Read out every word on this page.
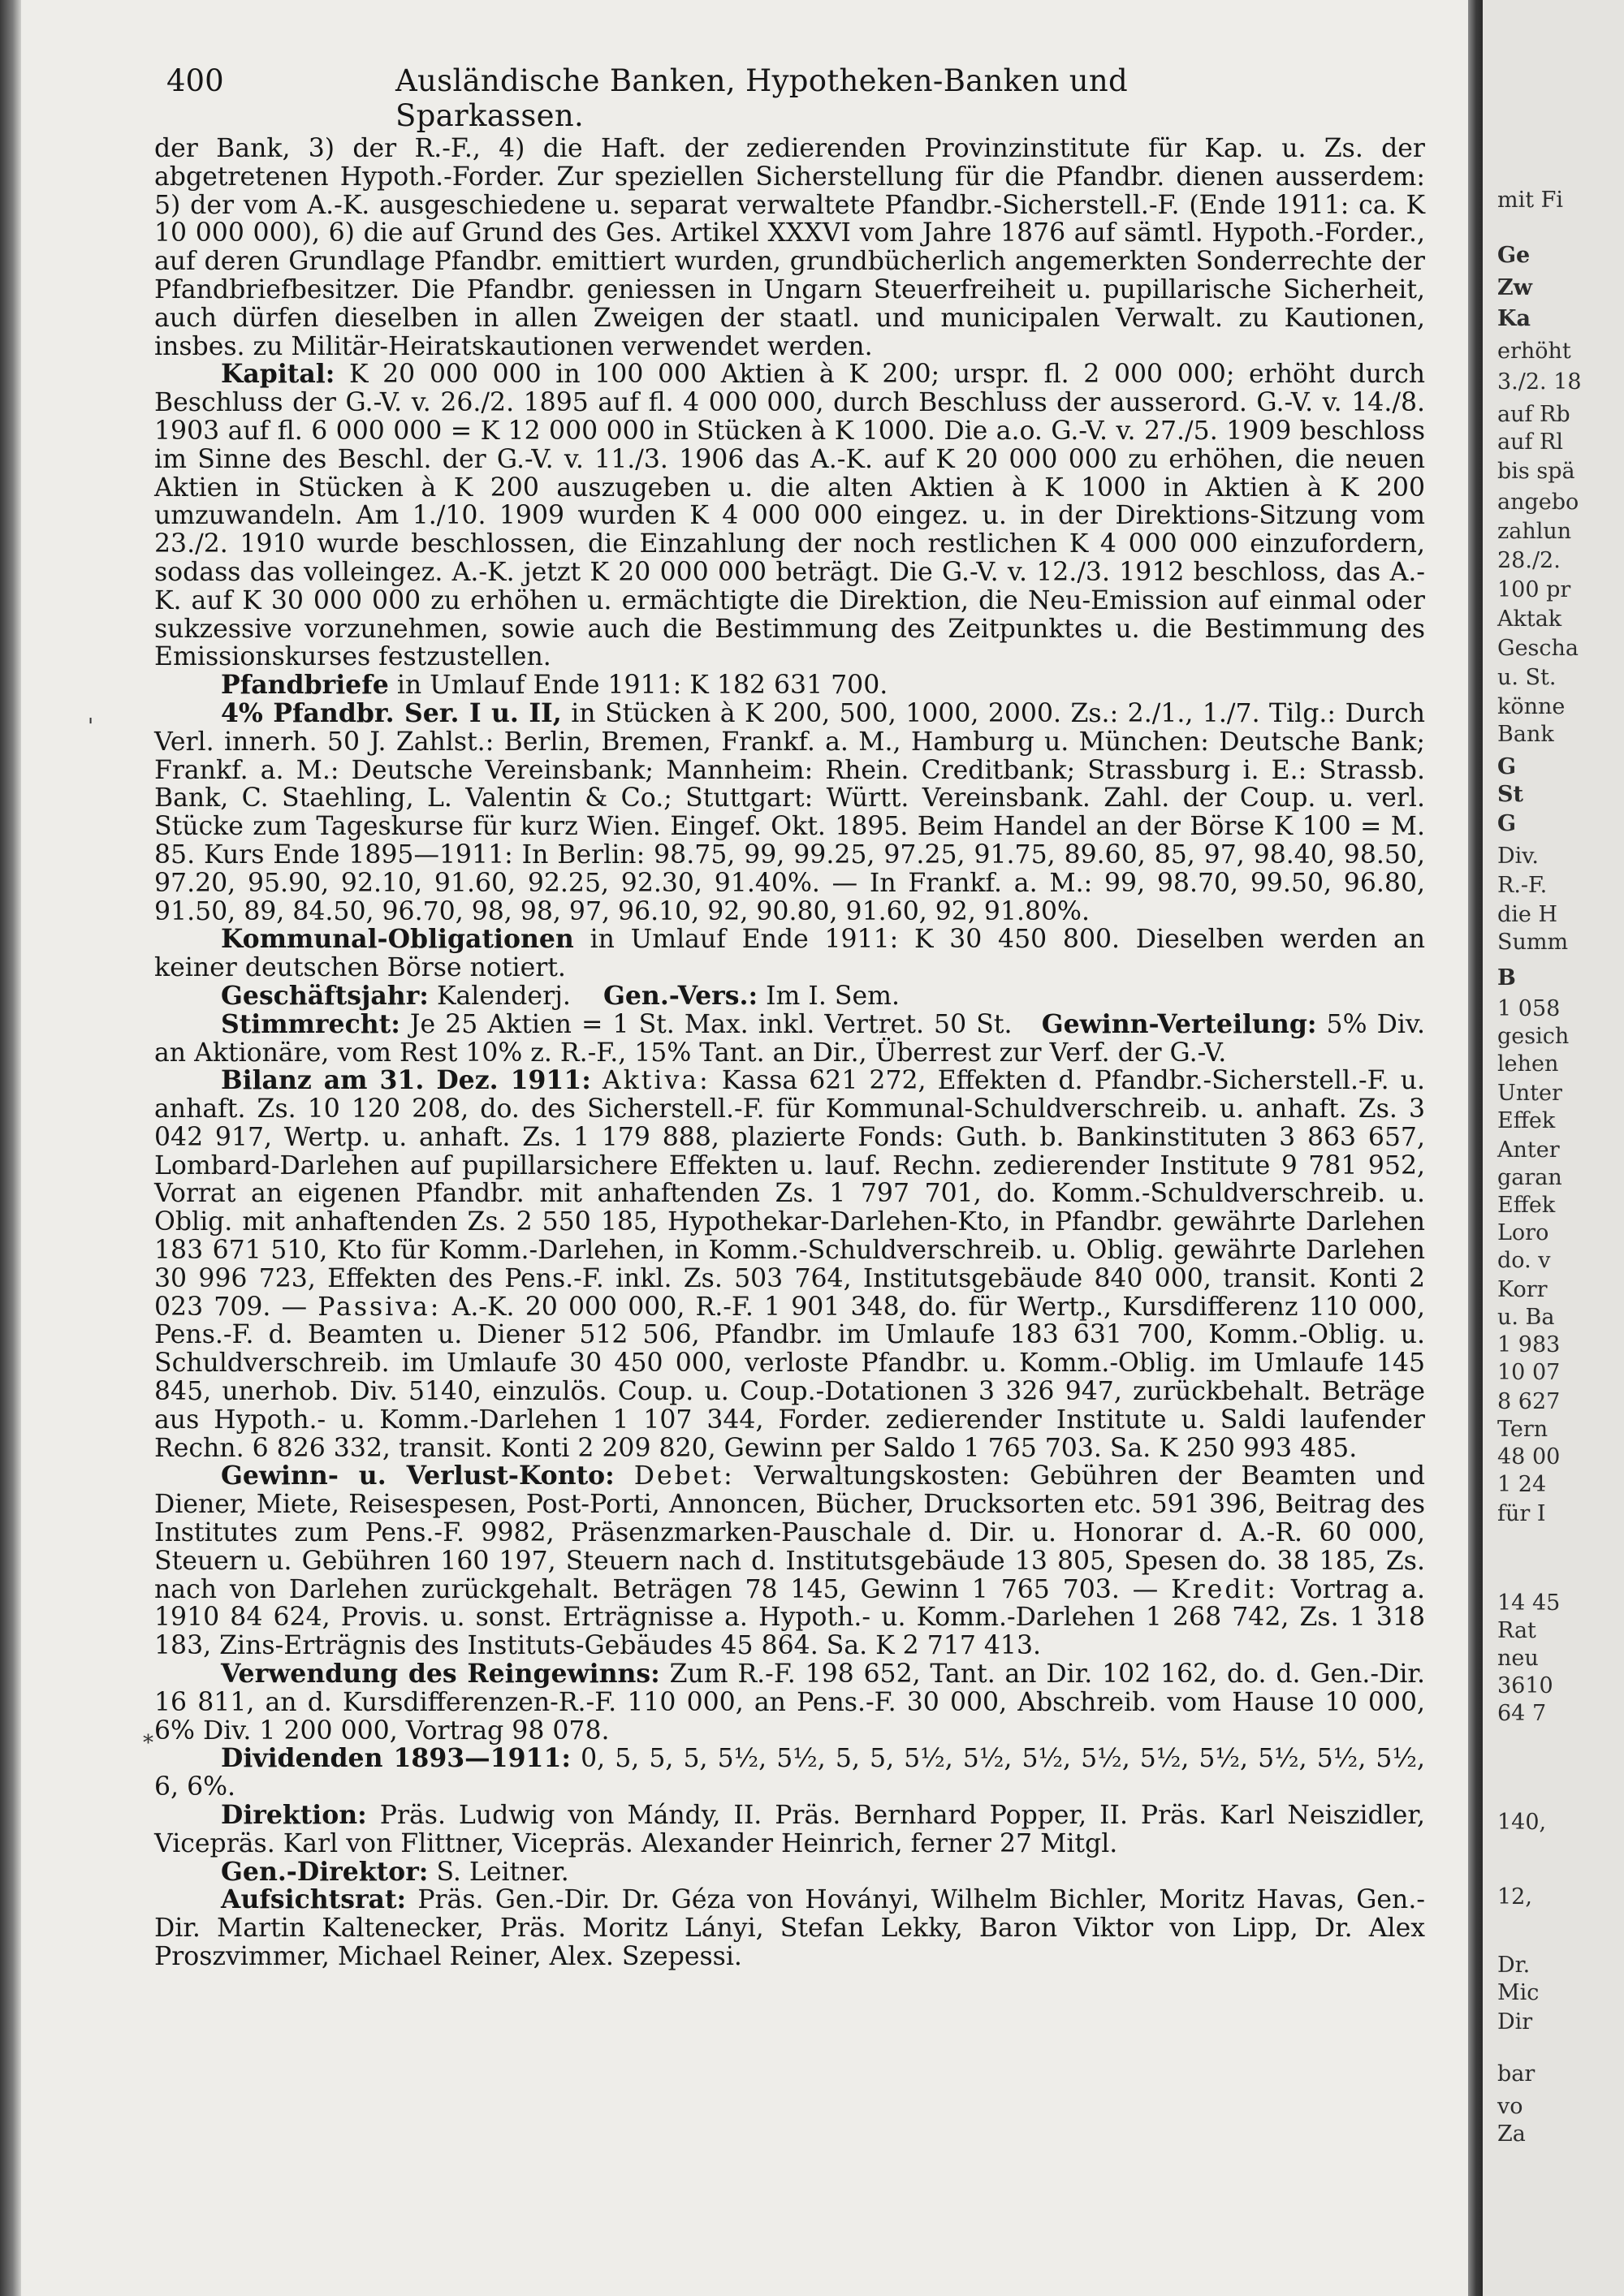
400	Ausländische Banken, Hypotheken-Banken und Sparkassen.
'
*

der Bank, 3) der R.-F., 4) die Haft. der zedierenden Provinzinstitute für Kap. u. Zs. der abgetretenen Hypoth.-Forder. Zur speziellen Sicherstellung für die Pfandbr. dienen ausserdem: 5) der vom A.-K. ausgeschiedene u. separat verwaltete Pfandbr.-Sicherstell.-F. (Ende 1911: ca. K 10 000 000), 6) die auf Grund des Ges. Artikel XXXVI vom Jahre 1876 auf sämtl. Hypoth.-Forder., auf deren Grundlage Pfandbr. emittiert wurden, grundbücherlich angemerkten Sonderrechte der Pfandbriefbesitzer. Die Pfandbr. geniessen in Ungarn Steuerfreiheit u. pupillarische Sicherheit, auch dürfen dieselben in allen Zweigen der staatl. und municipalen Verwalt. zu Kautionen, insbes. zu Militär-Heiratskautionen verwendet werden.

Kapital: K 20 000 000 in 100 000 Aktien à K 200; urspr. fl. 2 000 000; erhöht durch Beschluss der G.-V. v. 26./2. 1895 auf fl. 4 000 000, durch Beschluss der ausserord. G.-V. v. 14./8. 1903 auf fl. 6 000 000 = K 12 000 000 in Stücken à K 1000. Die a.o. G.-V. v. 27./5. 1909 beschloss im Sinne des Beschl. der G.-V. v. 11./3. 1906 das A.-K. auf K 20 000 000 zu erhöhen, die neuen Aktien in Stücken à K 200 auszugeben u. die alten Aktien à K 1000 in Aktien à K 200 umzuwandeln. Am 1./10. 1909 wurden K 4 000 000 eingez. u. in der Direktions-Sitzung vom 23./2. 1910 wurde beschlossen, die Einzahlung der noch restlichen K 4 000 000 einzufordern, sodass das volleingez. A.-K. jetzt K 20 000 000 beträgt. Die G.-V. v. 12./3. 1912 beschloss, das A.-K. auf K 30 000 000 zu erhöhen u. ermächtigte die Direktion, die Neu-Emission auf einmal oder sukzessive vorzunehmen, sowie auch die Bestimmung des Zeitpunktes u. die Bestimmung des Emissionskurses festzustellen.

Pfandbriefe in Umlauf Ende 1911: K 182 631 700.

4% Pfandbr. Ser. I u. II, in Stücken à K 200, 500, 1000, 2000. Zs.: 2./1., 1./7. Tilg.: Durch Verl. innerh. 50 J. Zahlst.: Berlin, Bremen, Frankf. a. M., Hamburg u. München: Deutsche Bank; Frankf. a. M.: Deutsche Vereinsbank; Mannheim: Rhein. Creditbank; Strassburg i. E.: Strassb. Bank, C. Staehling, L. Valentin & Co.; Stuttgart: Württ. Vereinsbank. Zahl. der Coup. u. verl. Stücke zum Tageskurse für kurz Wien. Eingef. Okt. 1895. Beim Handel an der Börse K 100 = M. 85. Kurs Ende 1895—1911: In Berlin: 98.75, 99, 99.25, 97.25, 91.75, 89.60, 85, 97, 98.40, 98.50, 97.20, 95.90, 92.10, 91.60, 92.25, 92.30, 91.40%. — In Frankf. a. M.: 99, 98.70, 99.50, 96.80, 91.50, 89, 84.50, 96.70, 98, 98, 97, 96.10, 92, 90.80, 91.60, 92, 91.80%.

Kommunal-Obligationen in Umlauf Ende 1911: K 30 450 800. Dieselben werden an keiner deutschen Börse notiert.

Geschäftsjahr: Kalenderj. Gen.-Vers.: Im I. Sem.

Stimmrecht: Je 25 Aktien = 1 St. Max. inkl. Vertret. 50 St. Gewinn-Verteilung: 5% Div. an Aktionäre, vom Rest 10% z. R.-F., 15% Tant. an Dir., Überrest zur Verf. der G.-V.

Bilanz am 31. Dez. 1911: Aktiva: Kassa 621 272, Effekten d. Pfandbr.-Sicherstell.-F. u. anhaft. Zs. 10 120 208, do. des Sicherstell.-F. für Kommunal-Schuldverschreib. u. anhaft. Zs. 3 042 917, Wertp. u. anhaft. Zs. 1 179 888, plazierte Fonds: Guth. b. Bankinstituten 3 863 657, Lombard-Darlehen auf pupillarsichere Effekten u. lauf. Rechn. zedierender Institute 9 781 952, Vorrat an eigenen Pfandbr. mit anhaftenden Zs. 1 797 701, do. Komm.-Schuldverschreib. u. Oblig. mit anhaftenden Zs. 2 550 185, Hypothekar-Darlehen-Kto, in Pfandbr. gewährte Darlehen 183 671 510, Kto für Komm.-Darlehen, in Komm.-Schuldverschreib. u. Oblig. gewährte Darlehen 30 996 723, Effekten des Pens.-F. inkl. Zs. 503 764, Institutsgebäude 840 000, transit. Konti 2 023 709. — Passiva: A.-K. 20 000 000, R.-F. 1 901 348, do. für Wertp., Kursdifferenz 110 000, Pens.-F. d. Beamten u. Diener 512 506, Pfandbr. im Umlaufe 183 631 700, Komm.-Oblig. u. Schuldverschreib. im Umlaufe 30 450 000, verloste Pfandbr. u. Komm.-Oblig. im Umlaufe 145 845, unerhob. Div. 5140, einzulös. Coup. u. Coup.-Dotationen 3 326 947, zurückbehalt. Beträge aus Hypoth.- u. Komm.-Darlehen 1 107 344, Forder. zedierender Institute u. Saldi laufender Rechn. 6 826 332, transit. Konti 2 209 820, Gewinn per Saldo 1 765 703. Sa. K 250 993 485.

Gewinn- u. Verlust-Konto: Debet: Verwaltungskosten: Gebühren der Beamten und Diener, Miete, Reisespesen, Post-Porti, Annoncen, Bücher, Drucksorten etc. 591 396, Beitrag des Institutes zum Pens.-F. 9982, Präsenzmarken-Pauschale d. Dir. u. Honorar d. A.-R. 60 000, Steuern u. Gebühren 160 197, Steuern nach d. Institutsgebäude 13 805, Spesen do. 38 185, Zs. nach von Darlehen zurückgehalt. Beträgen 78 145, Gewinn 1 765 703. — Kredit: Vortrag a. 1910 84 624, Provis. u. sonst. Erträgnisse a. Hypoth.- u. Komm.-Darlehen 1 268 742, Zs. 1 318 183, Zins-Erträgnis des Instituts-Gebäudes 45 864. Sa. K 2 717 413.

Verwendung des Reingewinns: Zum R.-F. 198 652, Tant. an Dir. 102 162, do. d. Gen.-Dir. 16 811, an d. Kursdifferenzen-R.-F. 110 000, an Pens.-F. 30 000, Abschreib. vom Hause 10 000, 6% Div. 1 200 000, Vortrag 98 078.

Dividenden 1893—1911: 0, 5, 5, 5, 5½, 5½, 5, 5, 5½, 5½, 5½, 5½, 5½, 5½, 5½, 5½, 5½, 6, 6%.

Direktion: Präs. Ludwig von Mándy, II. Präs. Bernhard Popper, II. Präs. Karl Neiszidler, Vicepräs. Karl von Flittner, Vicepräs. Alexander Heinrich, ferner 27 Mitgl.

Gen.-Direktor: S. Leitner.

Aufsichtsrat: Präs. Gen.-Dir. Dr. Géza von Hoványi, Wilhelm Bichler, Moritz Havas, Gen.-Dir. Martin Kaltenecker, Präs. Moritz Lányi, Stefan Lekky, Baron Viktor von Lipp, Dr. Alex Proszvimmer, Michael Reiner, Alex. Szepessi.

mit Fi
Ge
Zw
Ka
erhöht
3./2. 18
auf Rb
auf Rl
bis spä
angebo
zahlun
28./2.
100 pr
Aktak
Gescha
u. St.
könne
Bank
G
St
G
Div.
R.-F.
die H
Summ
B
1 058
gesich
lehen
Unter
Effek
Anter
garan
Effek
Loro
do. v
Korr
u. Ba
1 983
10 07
8 627
Tern
48 00
1 24
für I
14 45
Rat
neu
3610
64 7
140,
12,
Dr.
Mic
Dir
bar
vo
Za
